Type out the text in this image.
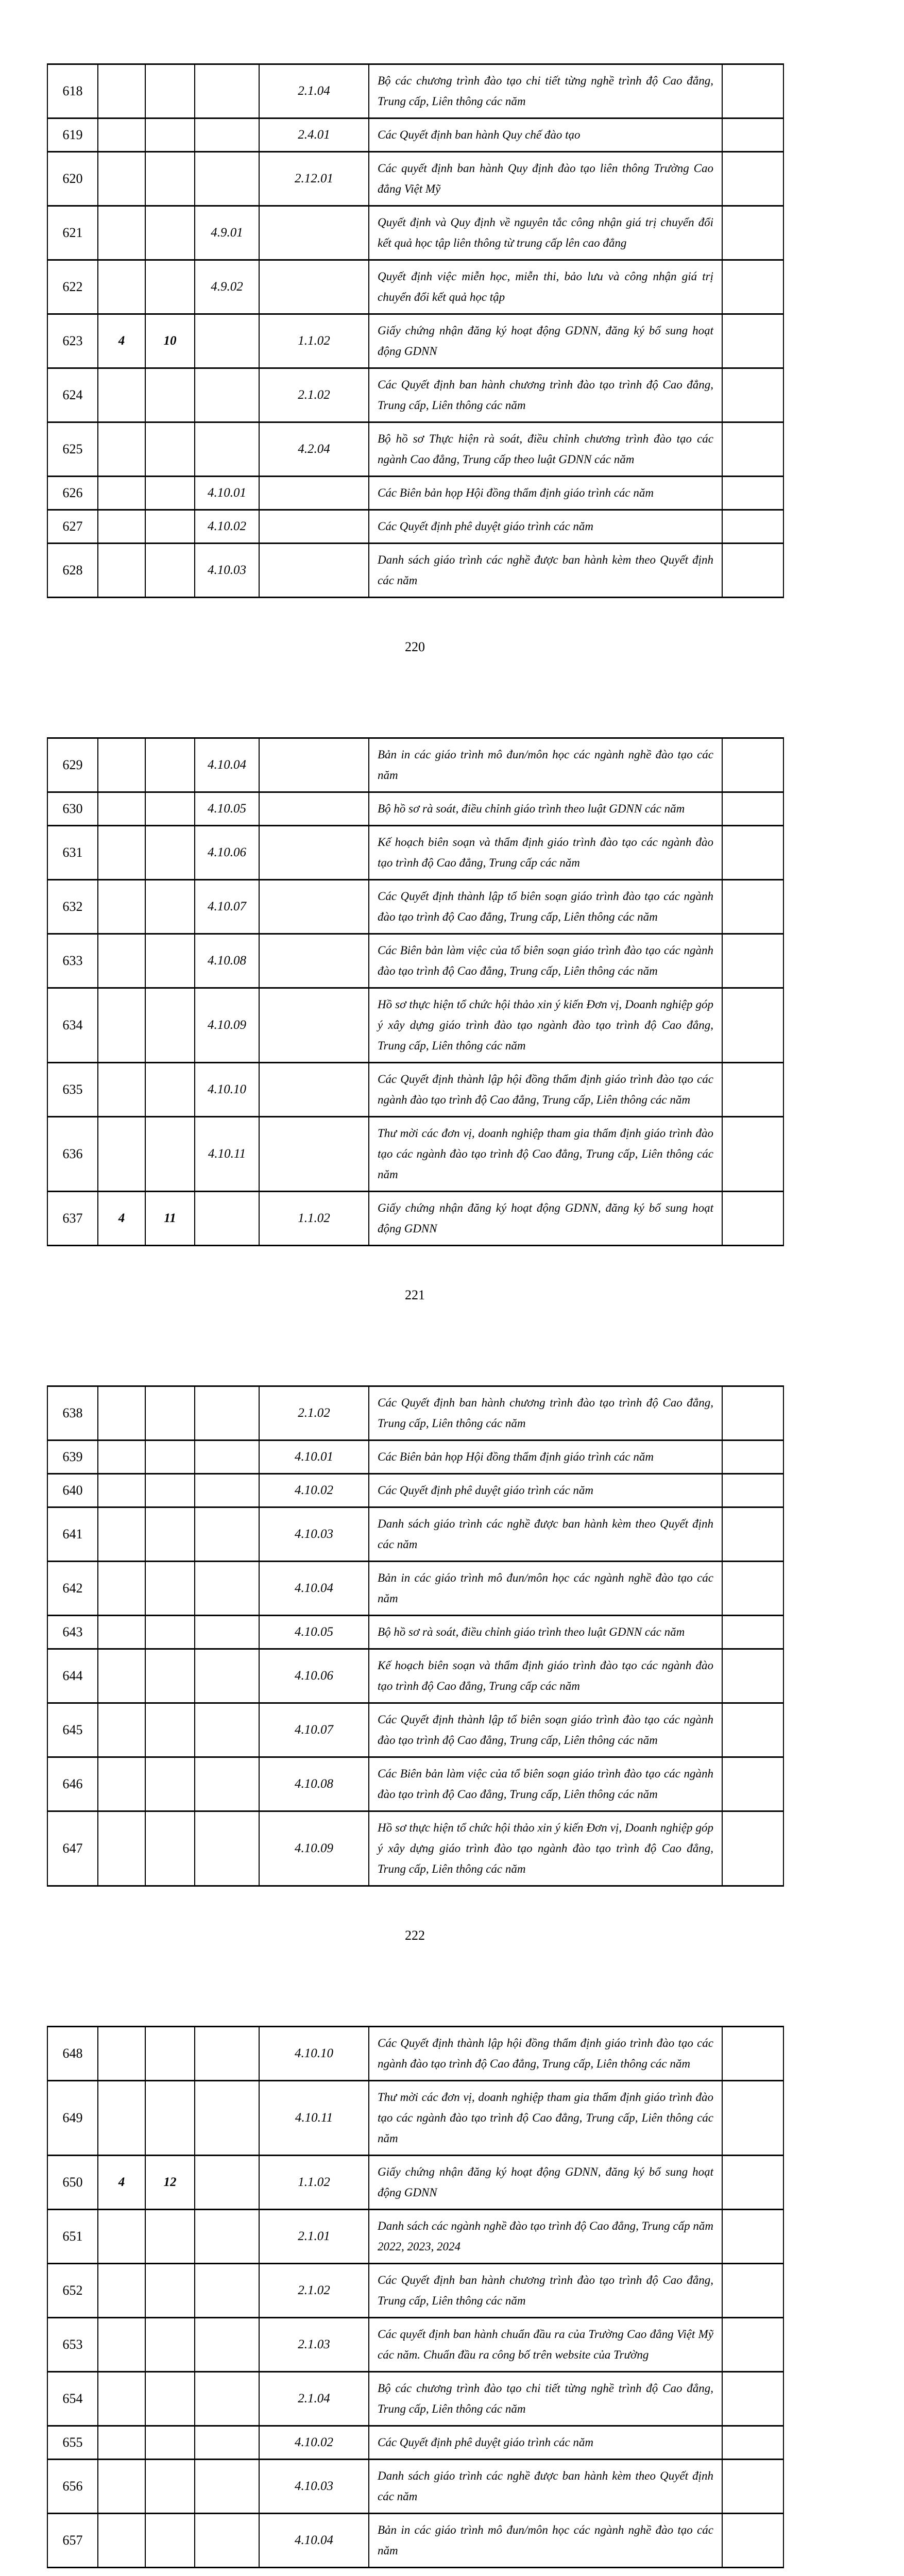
618				2.1.04	Bộ các chương trình đào tạo chi tiết từng nghề trình độ Cao đẳng, Trung cấp, Liên thông các năm	
619				2.4.01	Các Quyết định ban hành Quy chế đào tạo	
620				2.12.01	Các quyết định ban hành Quy định đào tạo liên thông Trường Cao đẳng Việt Mỹ	
621			4.9.01		Quyết định và Quy định về nguyên tắc công nhận giá trị chuyển đổi kết quả học tập liên thông từ trung cấp lên cao đẳng	
622			4.9.02		Quyết định việc miễn học, miễn thi, bảo lưu và công nhận giá trị chuyển đổi kết quả học tập	
623	4	10		1.1.02	Giấy chứng nhận đăng ký hoạt động GDNN, đăng ký bổ sung hoạt động GDNN	
624				2.1.02	Các Quyết định ban hành chương trình đào tạo trình độ Cao đẳng, Trung cấp, Liên thông các năm	
625				4.2.04	Bộ hồ sơ Thực hiện rà soát, điều chỉnh chương trình đào tạo các ngành Cao đẳng, Trung cấp theo luật GDNN các năm	
626			4.10.01		Các Biên bản họp Hội đồng thẩm định giáo trình các năm	
627			4.10.02		Các Quyết định phê duyệt giáo trình các năm	
628			4.10.03		Danh sách giáo trình các nghề được ban hành kèm theo Quyết định các năm	
220
629			4.10.04		Bản in các giáo trình mô đun/môn học các ngành nghề đào tạo các năm	
630			4.10.05		Bộ hồ sơ rà soát, điều chỉnh giáo trình theo luật GDNN các năm	
631			4.10.06		Kế hoạch biên soạn và thẩm định giáo trình đào tạo các ngành đào tạo trình độ Cao đẳng, Trung cấp các năm	
632			4.10.07		Các Quyết định thành lập tổ biên soạn giáo trình đào tạo các ngành đào tạo trình độ Cao đẳng, Trung cấp, Liên thông các năm	
633			4.10.08		Các Biên bản làm việc của tổ biên soạn giáo trình đào tạo các ngành đào tạo trình độ Cao đẳng, Trung cấp, Liên thông các năm	
634			4.10.09		Hồ sơ thực hiện tổ chức hội thảo xin ý kiến Đơn vị, Doanh nghiệp góp ý xây dựng giáo trình đào tạo ngành đào tạo trình độ Cao đẳng, Trung cấp, Liên thông các năm	
635			4.10.10		Các Quyết định thành lập hội đồng thẩm định giáo trình đào tạo các ngành đào tạo trình độ Cao đẳng, Trung cấp, Liên thông các năm	
636			4.10.11		Thư mời các đơn vị, doanh nghiệp tham gia thẩm định giáo trình đào tạo các ngành đào tạo trình độ Cao đẳng, Trung cấp, Liên thông các năm	
637	4	11		1.1.02	Giấy chứng nhận đăng ký hoạt động GDNN, đăng ký bổ sung hoạt động GDNN	
221
638				2.1.02	Các Quyết định ban hành chương trình đào tạo trình độ Cao đẳng, Trung cấp, Liên thông các năm	
639				4.10.01	Các Biên bản họp Hội đồng thẩm định giáo trình các năm	
640				4.10.02	Các Quyết định phê duyệt giáo trình các năm	
641				4.10.03	Danh sách giáo trình các nghề được ban hành kèm theo Quyết định các năm	
642				4.10.04	Bản in các giáo trình mô đun/môn học các ngành nghề đào tạo các năm	
643				4.10.05	Bộ hồ sơ rà soát, điều chỉnh giáo trình theo luật GDNN các năm	
644				4.10.06	Kế hoạch biên soạn và thẩm định giáo trình đào tạo các ngành đào tạo trình độ Cao đẳng, Trung cấp các năm	
645				4.10.07	Các Quyết định thành lập tổ biên soạn giáo trình đào tạo các ngành đào tạo trình độ Cao đẳng, Trung cấp, Liên thông các năm	
646				4.10.08	Các Biên bản làm việc của tổ biên soạn giáo trình đào tạo các ngành đào tạo trình độ Cao đẳng, Trung cấp, Liên thông các năm	
647				4.10.09	Hồ sơ thực hiện tổ chức hội thảo xin ý kiến Đơn vị, Doanh nghiệp góp ý xây dựng giáo trình đào tạo ngành đào tạo trình độ Cao đẳng, Trung cấp, Liên thông các năm	
222
648				4.10.10	Các Quyết định thành lập hội đồng thẩm định giáo trình đào tạo các ngành đào tạo trình độ Cao đẳng, Trung cấp, Liên thông các năm	
649				4.10.11	Thư mời các đơn vị, doanh nghiệp tham gia thẩm định giáo trình đào tạo các ngành đào tạo trình độ Cao đẳng, Trung cấp, Liên thông các năm	
650	4	12		1.1.02	Giấy chứng nhận đăng ký hoạt động GDNN, đăng ký bổ sung hoạt động GDNN	
651				2.1.01	Danh sách các ngành nghề đào tạo trình độ Cao đẳng, Trung cấp năm 2022, 2023, 2024	
652				2.1.02	Các Quyết định ban hành chương trình đào tạo trình độ Cao đẳng, Trung cấp, Liên thông các năm	
653				2.1.03	Các quyết định ban hành chuẩn đầu ra của Trường Cao đẳng Việt Mỹ các năm. Chuẩn đầu ra công bố trên website của Trường	
654				2.1.04	Bộ các chương trình đào tạo chi tiết từng nghề trình độ Cao đẳng, Trung cấp, Liên thông các năm	
655				4.10.02	Các Quyết định phê duyệt giáo trình các năm	
656				4.10.03	Danh sách giáo trình các nghề được ban hành kèm theo Quyết định các năm	
657				4.10.04	Bản in các giáo trình mô đun/môn học các ngành nghề đào tạo các năm	
